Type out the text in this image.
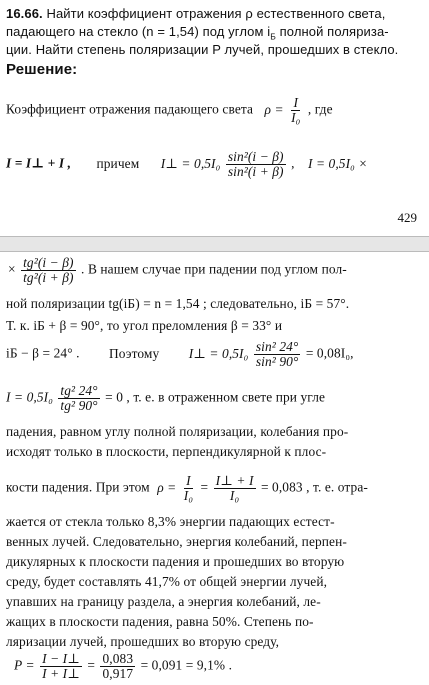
16.66. Найти коэффициент отражения ρ естественного света,
падающего на стекло (n = 1,54) под углом $i_Б$ полной поляриза-
ции. Найти степень поляризации P лучей, прошедших в стекло.
Решение:
Коэффициент отражения падающего света $\rho = \frac{I}{\text{I₀}}$ , где
I = I⊥ + I , причем I⊥ = $0,5I_0 \frac{\text{sin²(i − β)}}{\text{sin²(i + β)}}$ , I = 0,5I₀ ×
429
× $\frac{\text{tg²(i − β)}}{\text{tg²(i + β)}}$ . В нашем случае при падении под углом пол-
ной поляризации tg(iБ) = n = 1,54 ; следовательно, iБ = 57°.
Т. к. iБ + β = 90°, то угол преломления β = 33° и
iБ − β = 24° . Поэтому I⊥ = $0,5I_0 \frac{\text{sin² 24°}}{\text{sin² 90°}} = 0,08I_0$,
$I = 0,5I_0 \frac{\text{tg² 24°}}{\text{tg² 90°}} = 0$ , т. е. в отраженном свете при угле
падения, равном углу полной поляризации, колебания про-
исходят только в плоскости, перпендикулярной к плос-
кости падения. При этом $\rho = \frac{I}{\text{I₀}} = \frac{I\perp + I}{\text{I₀}} = 0,083$ , т. е. отра-
жается от стекла только 8,3% энергии падающих естест-
венных лучей. Следовательно, энергия колебаний, перпен-
дикулярных к плоскости падения и прошедших во вторую
среду, будет составлять 41,7% от общей энергии лучей,
упавших на границу раздела, а энергия колебаний, ле-
жащих в плоскости падения, равна 50%. Степень по-
ляризации лучей, прошедших во вторую среду,
$P = \frac{I - I\perp}{I + I\perp} = \frac{0,083}{0,917} = 0,091 = 9,1\%$ .
